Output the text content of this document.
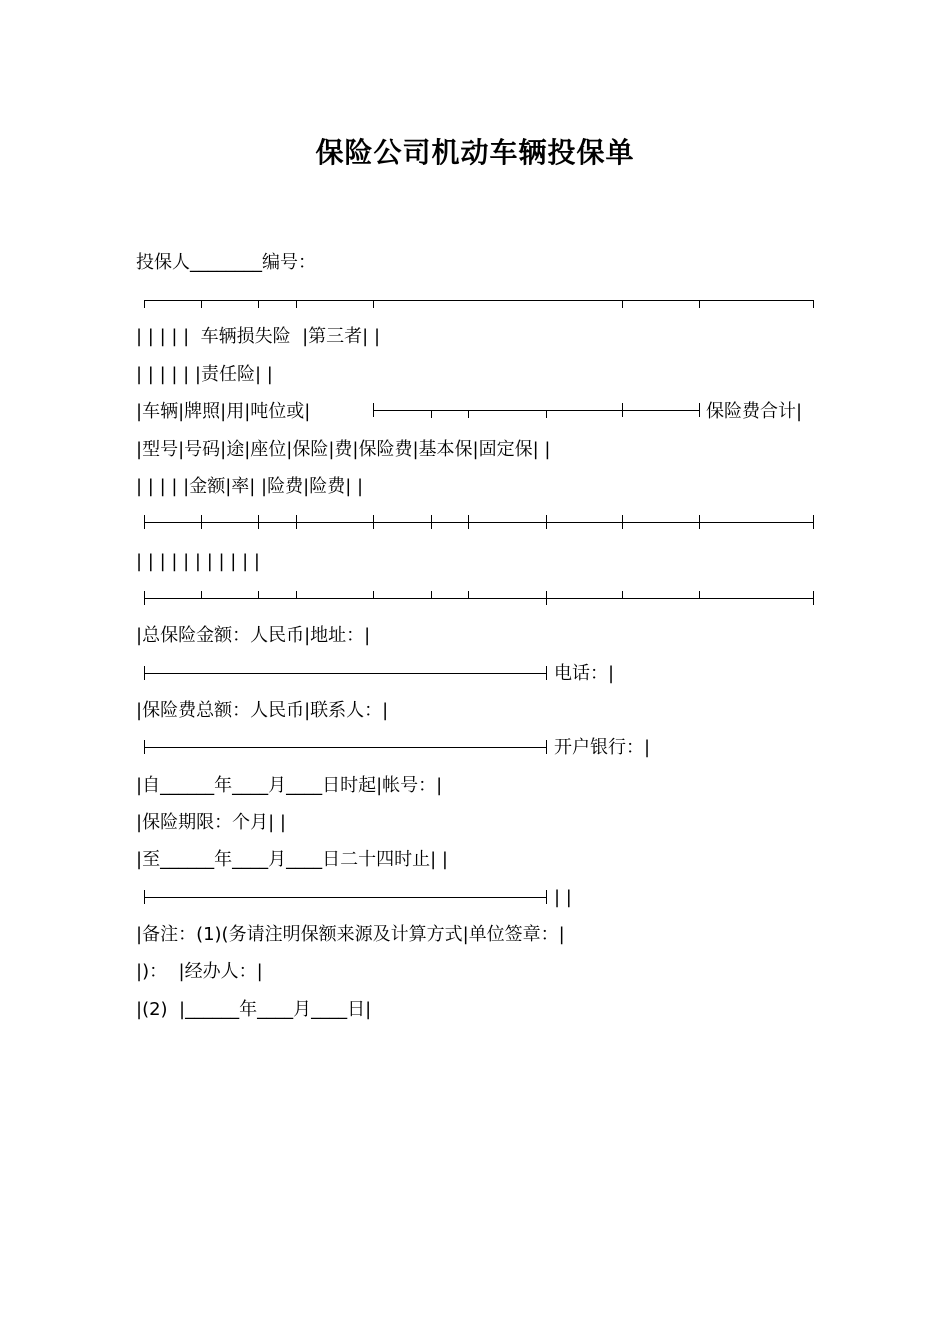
保险公司机动车辆投保单
投保人________编号：
| | | | |  车辆损失险  |第三者| |
| | | | | |责任险| |
|车辆|牌照|用|吨位或|	保险费合计|
|型号|号码|途|座位|保险|费|保险费|基本保|固定保| |
| | | | |金额|率| |险费|险费| |
| | | | | | | | | | |
|总保险金额：人民币|地址：|
电话：|
|保险费总额：人民币|联系人：|
开户银行：|
|自______年____月____日时起|帐号：|
|保险期限：个月| |
|至______年____月____日二十四时止| |
| |
|备注：(1)(务请注明保额来源及计算方式|单位签章：|
|)：  |经办人：|
|(2)  |______年____月____日|
